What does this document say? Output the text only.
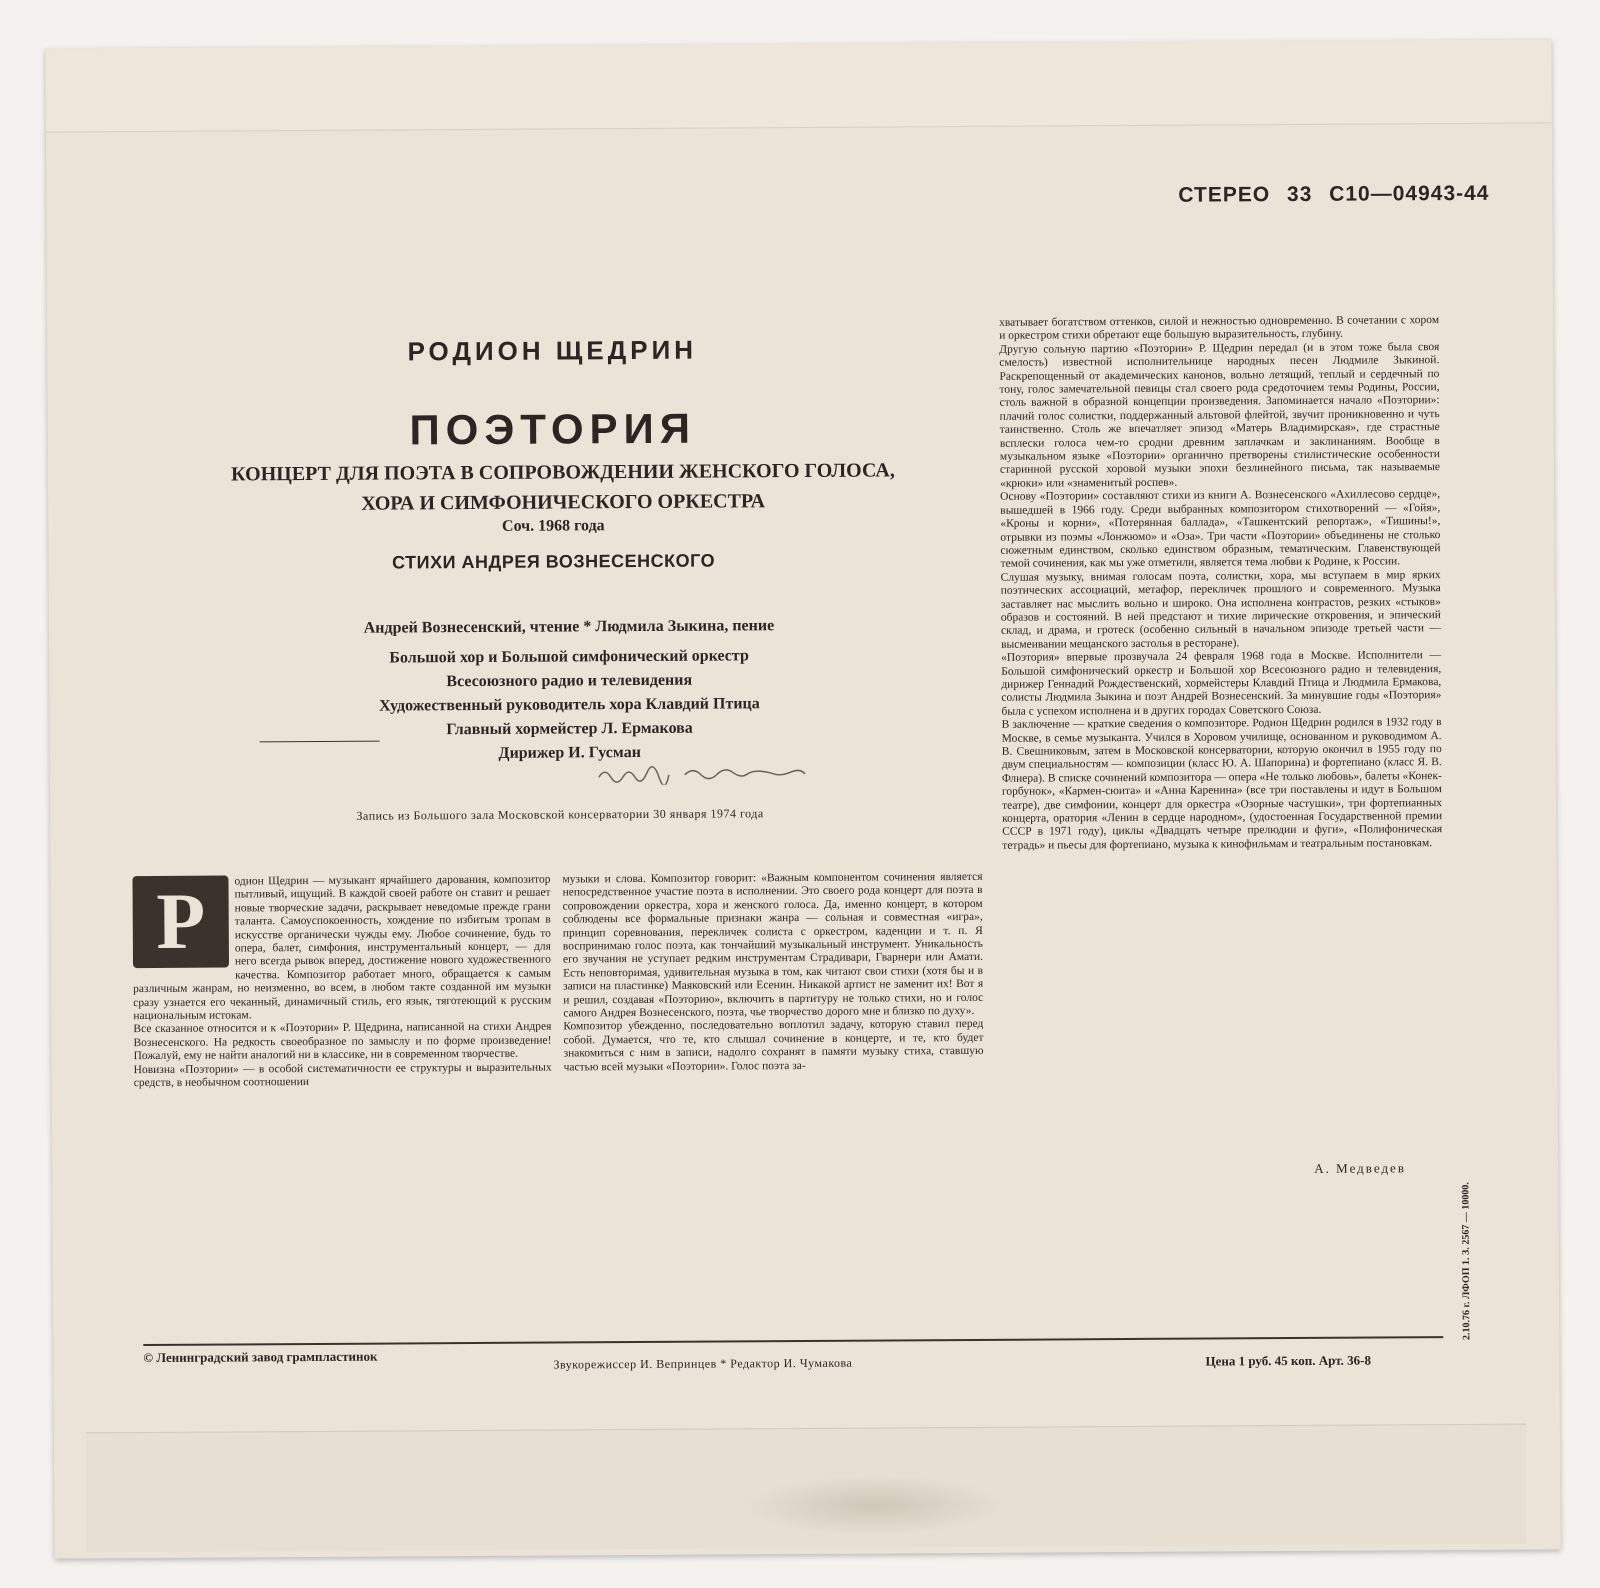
СТЕРЕО 33 С10—04943-44
РОДИОН ЩЕДРИН
ПОЭТОРИЯ
КОНЦЕРТ ДЛЯ ПОЭТА В СОПРОВОЖДЕНИИ ЖЕНСКОГО ГОЛОСА,
ХОРА И СИМФОНИЧЕСКОГО ОРКЕСТРА
Соч. 1968 года
СТИХИ АНДРЕЯ ВОЗНЕСЕНСКОГО
Андрей Вознесенский, чтение * Людмила Зыкина, пение
Большой хор и Большой симфонический оркестр
Всесоюзного радио и телевидения
Художественный руководитель хора Клавдий Птица
Главный хормейстер Л. Ермакова
Дирижер И. Гусман
Запись из Большого зала Московской консерватории 30 января 1974 года
Р	одион Щедрин — музыкант ярчайшего дарования, композитор пытливый, ищущий. В каждой своей работе он ставит и решает новые творческие задачи, раскрывает неведомые прежде грани таланта. Самоуспокоенность, хождение по избитым тропам в искусстве органически чужды ему. Любое сочинение, будь то опера, балет, симфония, инструментальный концерт, — для него всегда рывок вперед, достижение нового художественного качества. Композитор работает много, обращается к самым различным жанрам, но неизменно, во всем, в любом такте созданной им музыки сразу узнается его чеканный, динамичный стиль, его язык, тяготеющий к русским национальным истокам.

Все сказанное относится и к «Поэтории» Р. Щедрина, написанной на стихи Андрея Вознесенского. На редкость своеобразное по замыслу и по форме произведение! Пожалуй, ему не найти аналогий ни в классике, ни в современном творчестве.

Новизна «Поэтории» — в особой систематичности ее структуры и выразительных средств, в необычном соотношении

музыки и слова. Композитор говорит: «Важным компонентом сочинения является непосредственное участие поэта в исполнении. Это своего рода концерт для поэта в сопровождении оркестра, хора и женского голоса. Да, именно концерт, в котором соблюдены все формальные признаки жанра — сольная и совместная «игра», принцип соревнования, перекличек солиста с оркестром, каденции и т. п. Я воспринимаю голос поэта, как тончайший музыкальный инструмент. Уникальность его звучания не уступает редким инструментам Страдивари, Гварнери или Амати. Есть неповторимая, удивительная музыка в том, как читают свои стихи (хотя бы и в записи на пластинке) Маяковский или Есенин. Никакой артист не заменит их! Вот я и решил, создавая «Поэторию», включить в партитуру не только стихи, но и голос самого Андрея Вознесенского, поэта, чье творчество дорого мне и близко по духу».

Композитор убежденно, последовательно воплотил задачу, которую ставил перед собой. Думается, что те, кто слышал сочинение в концерте, и те, кто будет знакомиться с ним в записи, надолго сохранят в памяти музыку стиха, ставшую частью всей музыки «Поэтории». Голос поэта за-

хватывает богатством оттенков, силой и нежностью одновременно. В сочетании с хором и оркестром стихи обретают еще большую выразительность, глубину.

Другую сольную партию «Поэтории» Р. Щедрин передал (и в этом тоже была своя смелость) известной исполнительнице народных песен Людмиле Зыкиной. Раскрепощенный от академических канонов, вольно летящий, теплый и сердечный по тону, голос замечательной певицы стал своего рода средоточием темы Родины, России, столь важной в образной концепции произведения. Запоминается начало «Поэтории»: плачий голос солистки, поддержанный альтовой флейтой, звучит проникновенно и чуть таинственно. Столь же впечатляет эпизод «Матерь Владимирская», где страстные всплески голоса чем-то сродни древним заплачкам и заклинаниям. Вообще в музыкальном языке «Поэтории» органично претворены стилистические особенности старинной русской хоровой музыки эпохи безлинейного письма, так называемые «крюки» или «знаменитый роспев».

Основу «Поэтории» составляют стихи из книги А. Вознесенского «Ахиллесово сердце», вышедшей в 1966 году. Среди выбранных композитором стихотворений — «Гойя», «Кроны и корни», «Потерянная баллада», «Ташкентский репортаж», «Тишины!», отрывки из поэмы «Лонжюмо» и «Оза». Три части «Поэтории» объединены не столько сюжетным единством, сколько единством образным, тематическим. Главенствующей темой сочинения, как мы уже отметили, является тема любви к Родине, к России.

Слушая музыку, внимая голосам поэта, солистки, хора, мы вступаем в мир ярких поэтических ассоциаций, метафор, перекличек прошлого и современного. Музыка заставляет нас мыслить вольно и широко. Она исполнена контрастов, резких «стыков» образов и состояний. В ней предстают и тихие лирические откровения, и эпический склад, и драма, и гротеск (особенно сильный в начальном эпизоде третьей части — высмеивании мещанского застолья в ресторане).

«Поэтория» впервые прозвучала 24 февраля 1968 года в Москве. Исполнители — Большой симфонический оркестр и Большой хор Всесоюзного радио и телевидения, дирижер Геннадий Рождественский, хормейстеры Клавдий Птица и Людмила Ермакова, солисты Людмила Зыкина и поэт Андрей Вознесенский. За минувшие годы «Поэтория» была с успехом исполнена и в других городах Советского Союза.

В заключение — краткие сведения о композиторе. Родион Щедрин родился в 1932 году в Москве, в семье музыканта. Учился в Хоровом училище, основанном и руководимом А. В. Свешниковым, затем в Московской консерватории, которую окончил в 1955 году по двум специальностям — композиции (класс Ю. А. Шапорина) и фортепиано (класс Я. В. Флиера). В списке сочинений композитора — опера «Не только любовь», балеты «Конек-горбунок», «Кармен-сюита» и «Анна Каренина» (все три поставлены и идут в Большом театре), две симфонии, концерт для оркестра «Озорные частушки», три фортепианных концерта, оратория «Ленин в сердце народном», (удостоенная Государственной премии СССР в 1971 году), циклы «Двадцать четыре прелюдии и фуги», «Полифоническая тетрадь» и пьесы для фортепиано, музыка к кинофильмам и театральным постановкам.

А. Медведев
© Ленинградский завод грампластинок	Звукорежиссер И. Вепринцев * Редактор И. Чумакова	Цена 1 руб. 45 коп. Арт. 36-8
2.10.76 г. ЛФОП 1. З. 2567 — 10000.
